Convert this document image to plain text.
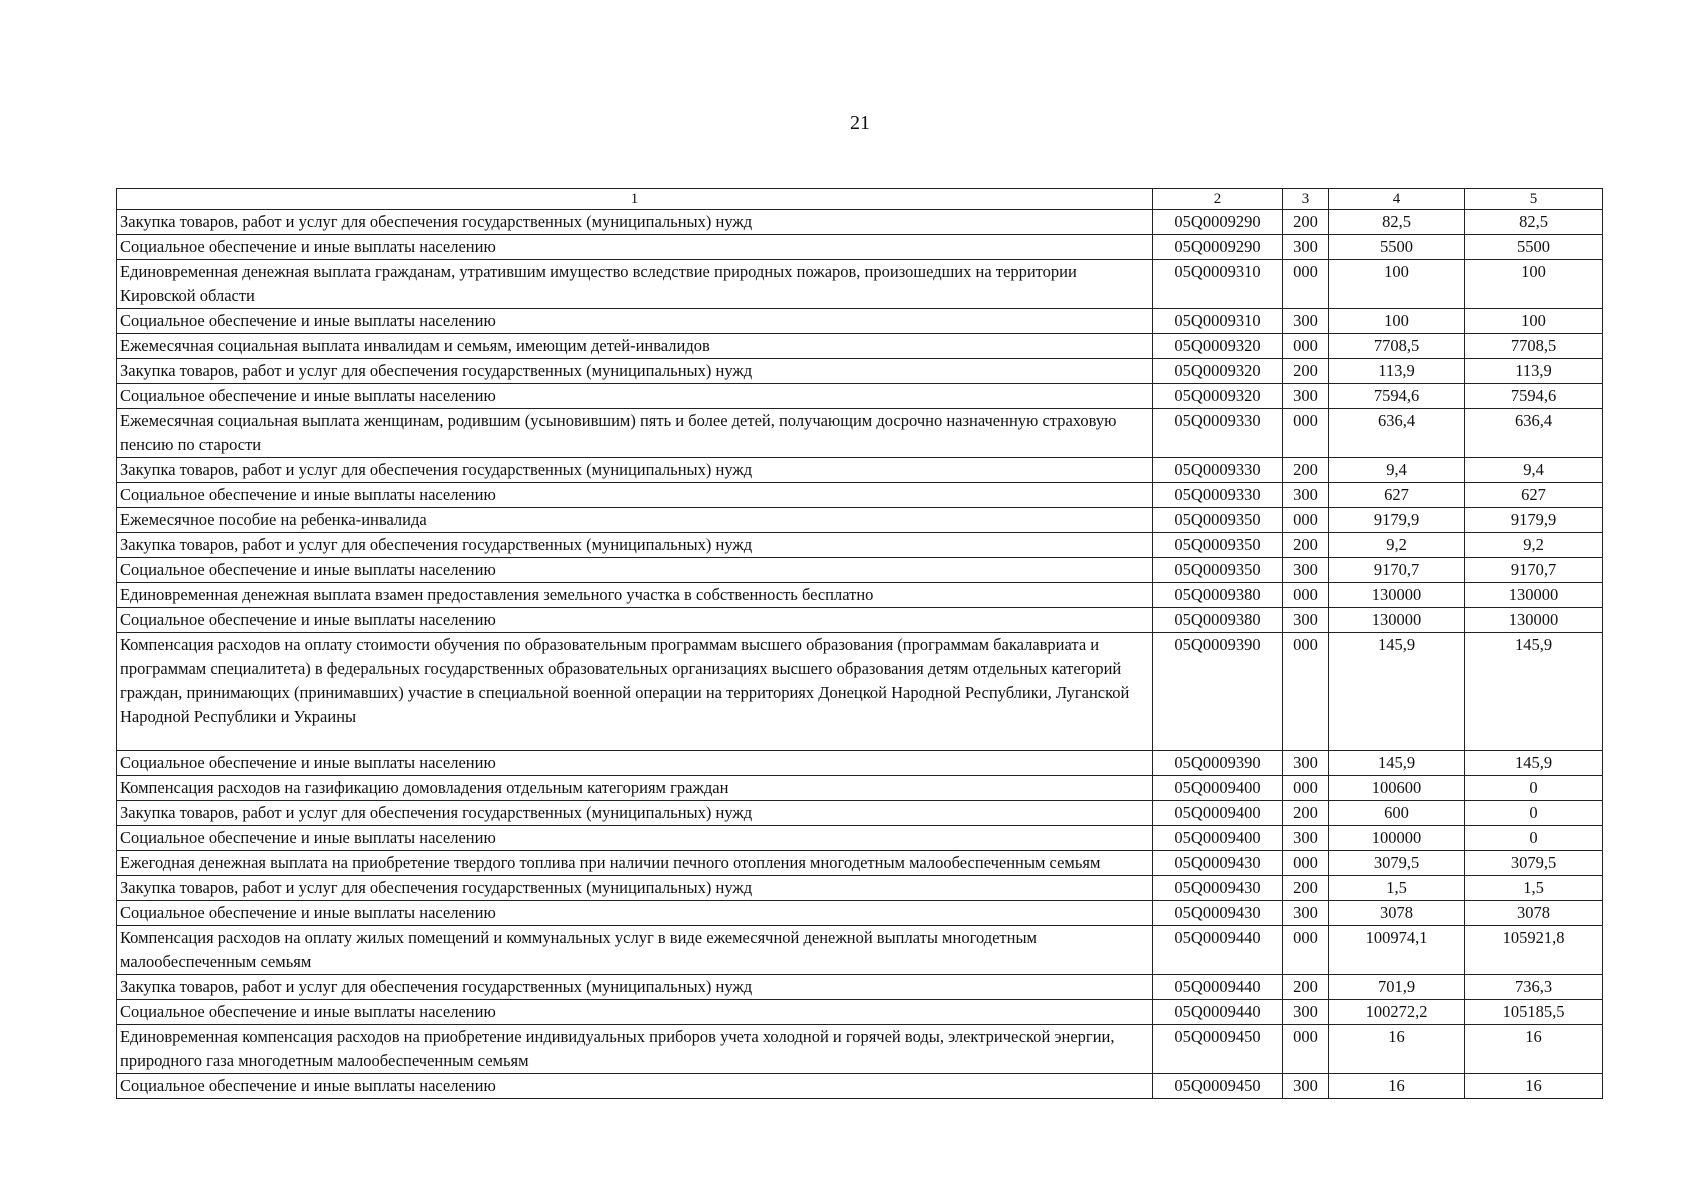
21
1	2	3	4	5
Закупка товаров, работ и услуг для обеспечения государственных (муниципальных) нужд	05Q0009290	200	82,5	82,5
Социальное обеспечение и иные выплаты населению	05Q0009290	300	5500	5500
Единовременная денежная выплата гражданам, утратившим имущество вследствие природных пожаров, произошедших на территории Кировской области	05Q0009310	000	100	100
Социальное обеспечение и иные выплаты населению	05Q0009310	300	100	100
Ежемесячная социальная выплата инвалидам и семьям, имеющим детей-инвалидов	05Q0009320	000	7708,5	7708,5
Закупка товаров, работ и услуг для обеспечения государственных (муниципальных) нужд	05Q0009320	200	113,9	113,9
Социальное обеспечение и иные выплаты населению	05Q0009320	300	7594,6	7594,6
Ежемесячная социальная выплата женщинам, родившим (усыновившим) пять и более детей, получающим досрочно назначенную страховую пенсию по старости	05Q0009330	000	636,4	636,4
Закупка товаров, работ и услуг для обеспечения государственных (муниципальных) нужд	05Q0009330	200	9,4	9,4
Социальное обеспечение и иные выплаты населению	05Q0009330	300	627	627
Ежемесячное пособие на ребенка-инвалида	05Q0009350	000	9179,9	9179,9
Закупка товаров, работ и услуг для обеспечения государственных (муниципальных) нужд	05Q0009350	200	9,2	9,2
Социальное обеспечение и иные выплаты населению	05Q0009350	300	9170,7	9170,7
Единовременная денежная выплата взамен предоставления земельного участка в собственность бесплатно	05Q0009380	000	130000	130000
Социальное обеспечение и иные выплаты населению	05Q0009380	300	130000	130000
Компенсация расходов на оплату стоимости обучения по образовательным программам высшего образования (программам бакалавриата и программам специалитета) в федеральных государственных образовательных организациях высшего образования детям отдельных категорий граждан, принимающих (принимавших) участие в специальной военной операции на территориях Донецкой Народной Республики, Луганской Народной Республики и Украины	05Q0009390	000	145,9	145,9
Социальное обеспечение и иные выплаты населению	05Q0009390	300	145,9	145,9
Компенсация расходов на газификацию домовладения отдельным категориям граждан	05Q0009400	000	100600	0
Закупка товаров, работ и услуг для обеспечения государственных (муниципальных) нужд	05Q0009400	200	600	0
Социальное обеспечение и иные выплаты населению	05Q0009400	300	100000	0
Ежегодная денежная выплата на приобретение твердого топлива при наличии печного отопления многодетным малообеспеченным семьям	05Q0009430	000	3079,5	3079,5
Закупка товаров, работ и услуг для обеспечения государственных (муниципальных) нужд	05Q0009430	200	1,5	1,5
Социальное обеспечение и иные выплаты населению	05Q0009430	300	3078	3078
Компенсация расходов на оплату жилых помещений и коммунальных услуг в виде ежемесячной денежной выплаты многодетным малообеспеченным семьям	05Q0009440	000	100974,1	105921,8
Закупка товаров, работ и услуг для обеспечения государственных (муниципальных) нужд	05Q0009440	200	701,9	736,3
Социальное обеспечение и иные выплаты населению	05Q0009440	300	100272,2	105185,5
Единовременная компенсация расходов на приобретение индивидуальных приборов учета холодной и горячей воды, электрической энергии, природного газа многодетным малообеспеченным семьям	05Q0009450	000	16	16
Социальное обеспечение и иные выплаты населению	05Q0009450	300	16	16
